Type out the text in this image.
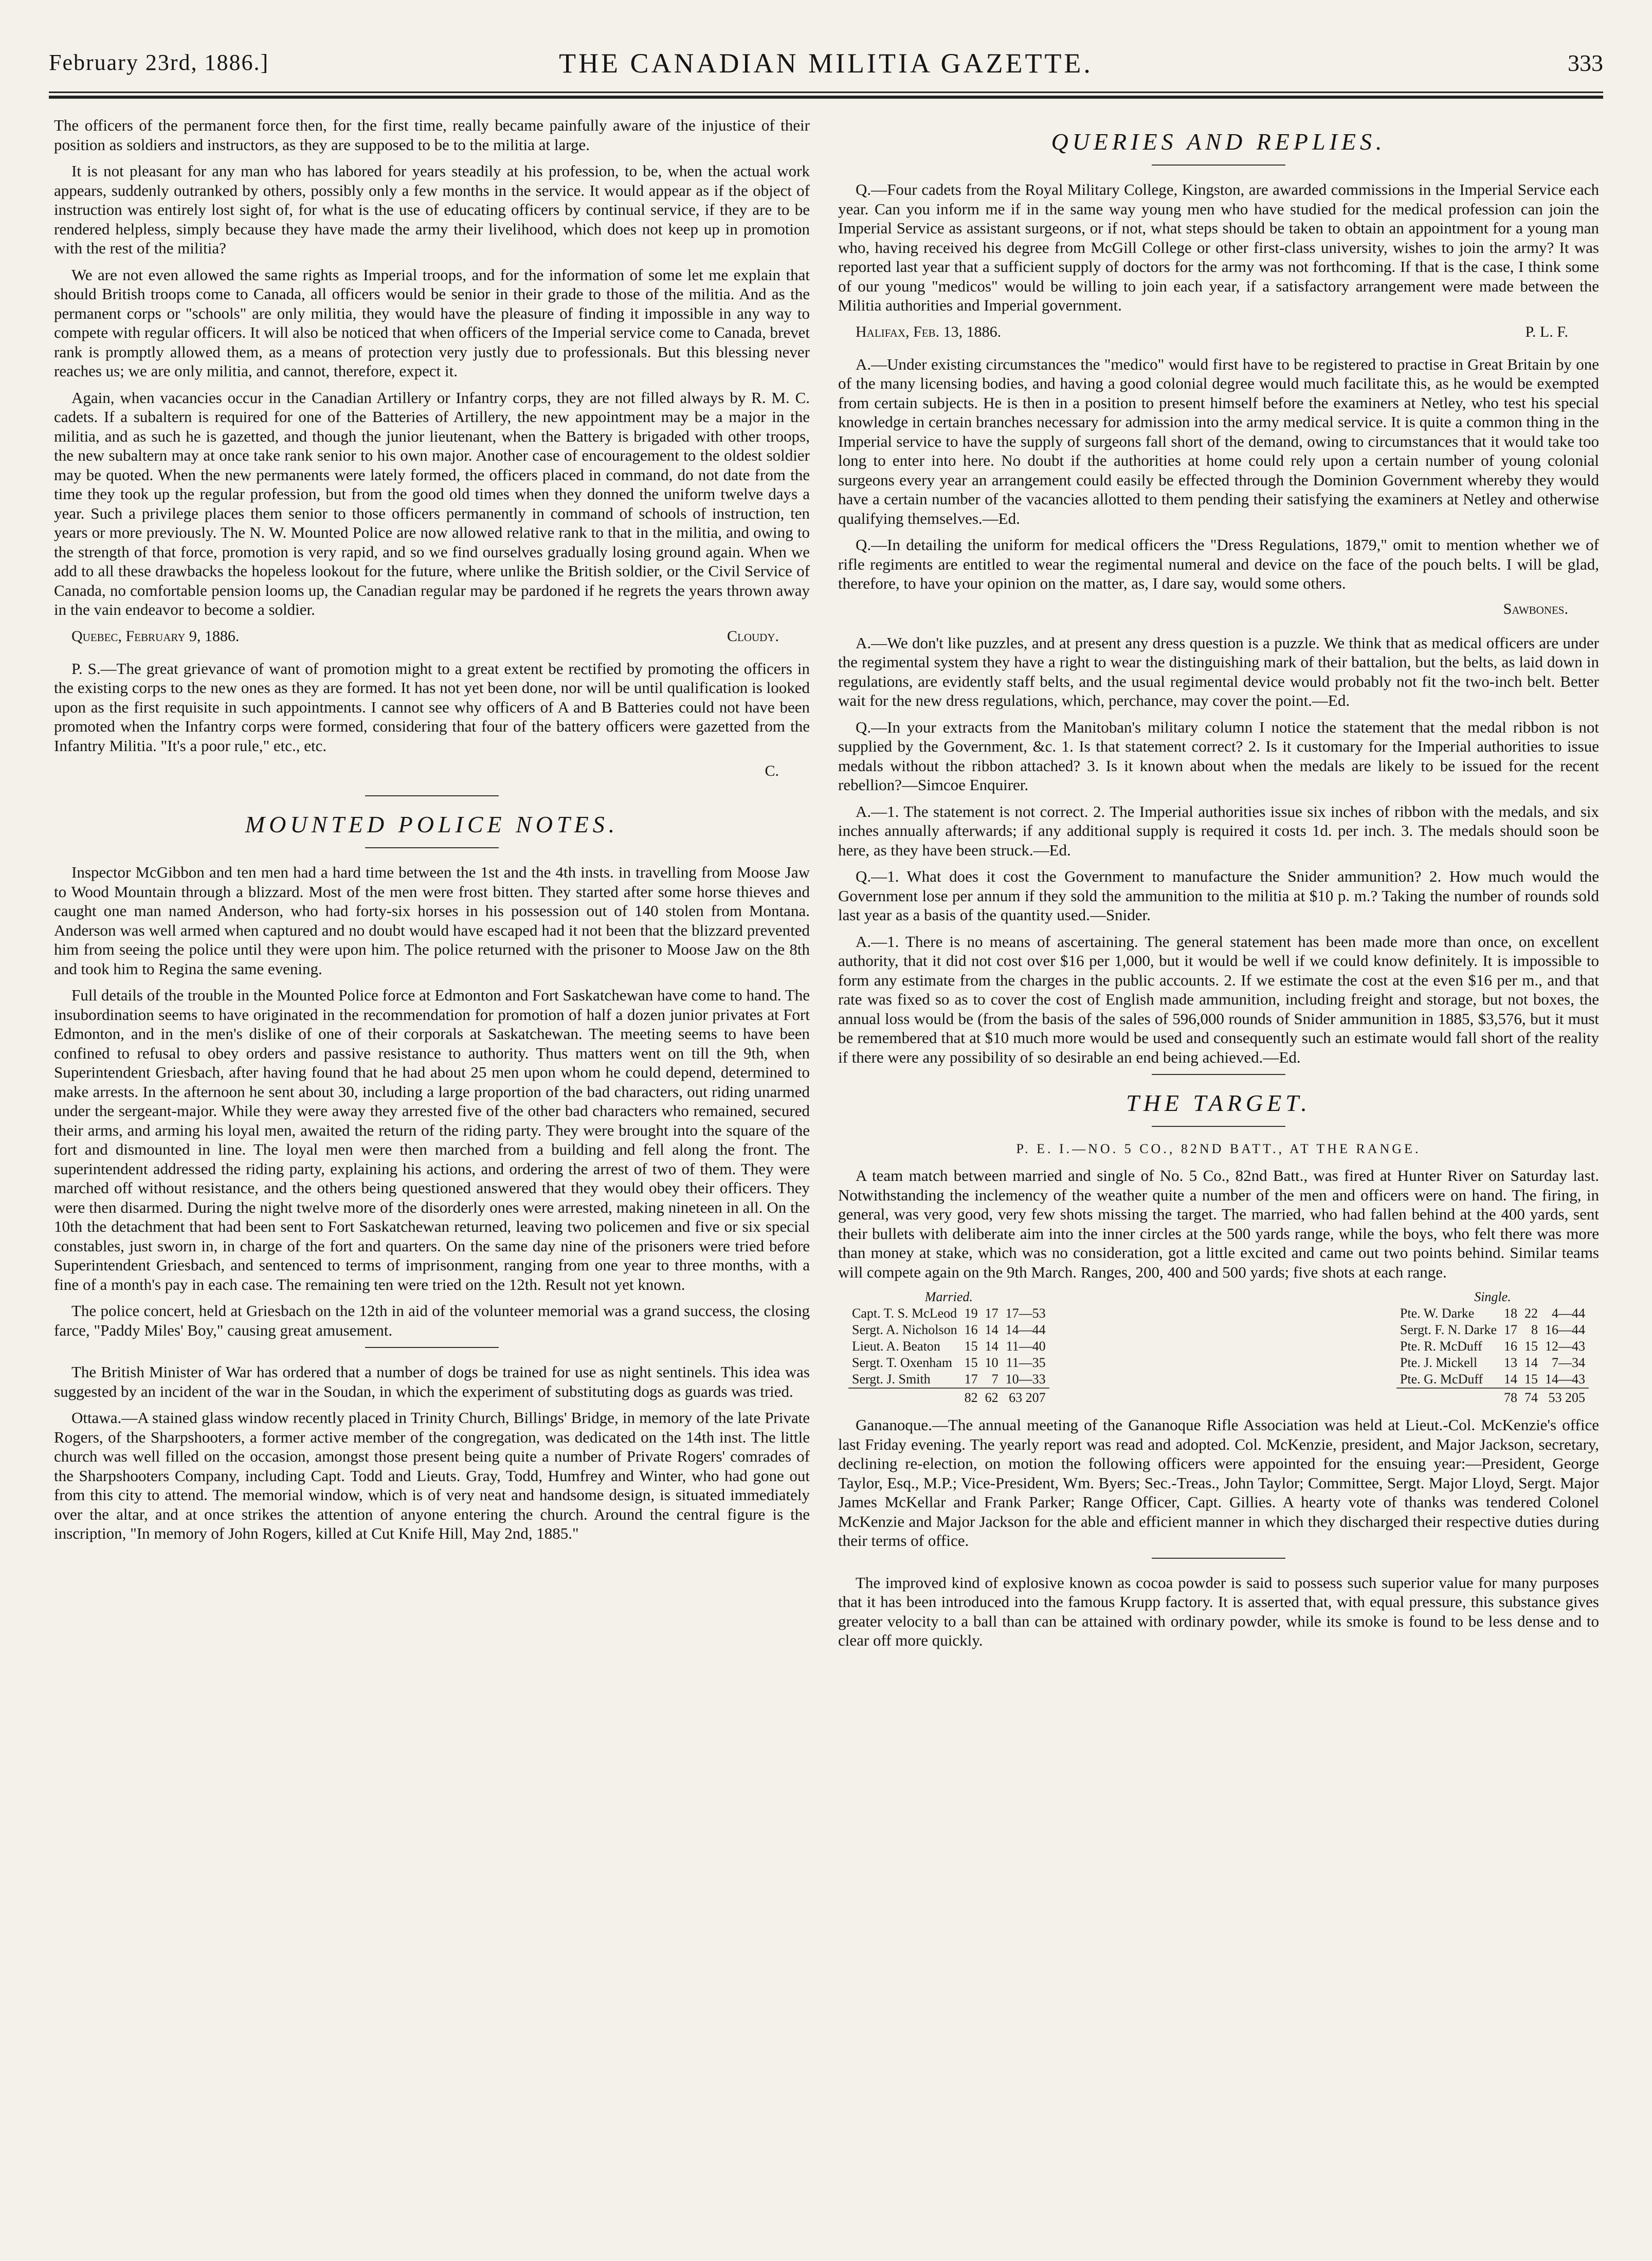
February 23rd, 1886.]	THE CANADIAN MILITIA GAZETTE.	333

The officers of the permanent force then, for the first time, really became painfully aware of the injustice of their position as soldiers and instructors, as they are supposed to be to the militia at large.

It is not pleasant for any man who has labored for years steadily at his profession, to be, when the actual work appears, suddenly outranked by others, possibly only a few months in the service. It would appear as if the object of instruction was entirely lost sight of, for what is the use of educating officers by continual service, if they are to be rendered helpless, simply because they have made the army their livelihood, which does not keep up in promotion with the rest of the militia?

We are not even allowed the same rights as Imperial troops, and for the information of some let me explain that should British troops come to Canada, all officers would be senior in their grade to those of the militia. And as the permanent corps or "schools" are only militia, they would have the pleasure of finding it impossible in any way to compete with regular officers. It will also be noticed that when officers of the Imperial service come to Canada, brevet rank is promptly allowed them, as a means of protection very justly due to professionals. But this blessing never reaches us; we are only militia, and cannot, therefore, expect it.

Again, when vacancies occur in the Canadian Artillery or Infantry corps, they are not filled always by R. M. C. cadets. If a subaltern is required for one of the Batteries of Artillery, the new appointment may be a major in the militia, and as such he is gazetted, and though the junior lieutenant, when the Battery is brigaded with other troops, the new subaltern may at once take rank senior to his own major. Another case of encouragement to the oldest soldier may be quoted. When the new permanents were lately formed, the officers placed in command, do not date from the time they took up the regular profession, but from the good old times when they donned the uniform twelve days a year. Such a privilege places them senior to those officers permanently in command of schools of instruction, ten years or more previously. The N. W. Mounted Police are now allowed relative rank to that in the militia, and owing to the strength of that force, promotion is very rapid, and so we find ourselves gradually losing ground again. When we add to all these drawbacks the hopeless lookout for the future, where unlike the British soldier, or the Civil Service of Canada, no comfortable pension looms up, the Canadian regular may be pardoned if he regrets the years thrown away in the vain endeavor to become a soldier.

Quebec, February 9, 1886.	Cloudy.

P. S.—The great grievance of want of promotion might to a great extent be rectified by promoting the officers in the existing corps to the new ones as they are formed. It has not yet been done, nor will be until qualification is looked upon as the first requisite in such appointments. I cannot see why officers of A and B Batteries could not have been promoted when the Infantry corps were formed, considering that four of the battery officers were gazetted from the Infantry Militia. "It's a poor rule," etc., etc.

C.
MOUNTED POLICE NOTES.

Inspector McGibbon and ten men had a hard time between the 1st and the 4th insts. in travelling from Moose Jaw to Wood Mountain through a blizzard. Most of the men were frost bitten. They started after some horse thieves and caught one man named Anderson, who had forty-six horses in his possession out of 140 stolen from Montana. Anderson was well armed when captured and no doubt would have escaped had it not been that the blizzard prevented him from seeing the police until they were upon him. The police returned with the prisoner to Moose Jaw on the 8th and took him to Regina the same evening.

Full details of the trouble in the Mounted Police force at Edmonton and Fort Saskatchewan have come to hand. The insubordination seems to have originated in the recommendation for promotion of half a dozen junior privates at Fort Edmonton, and in the men's dislike of one of their corporals at Saskatchewan. The meeting seems to have been confined to refusal to obey orders and passive resistance to authority. Thus matters went on till the 9th, when Superintendent Griesbach, after having found that he had about 25 men upon whom he could depend, determined to make arrests. In the afternoon he sent about 30, including a large proportion of the bad characters, out riding unarmed under the sergeant-major. While they were away they arrested five of the other bad characters who remained, secured their arms, and arming his loyal men, awaited the return of the riding party. They were brought into the square of the fort and dismounted in line. The loyal men were then marched from a building and fell along the front. The superintendent addressed the riding party, explaining his actions, and ordering the arrest of two of them. They were marched off without resistance, and the others being questioned answered that they would obey their officers. They were then disarmed. During the night twelve more of the disorderly ones were arrested, making nineteen in all. On the 10th the detachment that had been sent to Fort Saskatchewan returned, leaving two policemen and five or six special constables, just sworn in, in charge of the fort and quarters. On the same day nine of the prisoners were tried before Superintendent Griesbach, and sentenced to terms of imprisonment, ranging from one year to three months, with a fine of a month's pay in each case. The remaining ten were tried on the 12th. Result not yet known.

The police concert, held at Griesbach on the 12th in aid of the volunteer memorial was a grand success, the closing farce, "Paddy Miles' Boy," causing great amusement.

The British Minister of War has ordered that a number of dogs be trained for use as night sentinels. This idea was suggested by an incident of the war in the Soudan, in which the experiment of substituting dogs as guards was tried.

Ottawa.—A stained glass window recently placed in Trinity Church, Billings' Bridge, in memory of the late Private Rogers, of the Sharpshooters, a former active member of the congregation, was dedicated on the 14th inst. The little church was well filled on the occasion, amongst those present being quite a number of Private Rogers' comrades of the Sharpshooters Company, including Capt. Todd and Lieuts. Gray, Todd, Humfrey and Winter, who had gone out from this city to attend. The memorial window, which is of very neat and handsome design, is situated immediately over the altar, and at once strikes the attention of anyone entering the church. Around the central figure is the inscription, "In memory of John Rogers, killed at Cut Knife Hill, May 2nd, 1885."

QUERIES AND REPLIES.

Q.—Four cadets from the Royal Military College, Kingston, are awarded commissions in the Imperial Service each year. Can you inform me if in the same way young men who have studied for the medical profession can join the Imperial Service as assistant surgeons, or if not, what steps should be taken to obtain an appointment for a young man who, having received his degree from McGill College or other first-class university, wishes to join the army? It was reported last year that a sufficient supply of doctors for the army was not forthcoming. If that is the case, I think some of our young "medicos" would be willing to join each year, if a satisfactory arrangement were made between the Militia authorities and Imperial government.

Halifax, Feb. 13, 1886.	P. L. F.

A.—Under existing circumstances the "medico" would first have to be registered to practise in Great Britain by one of the many licensing bodies, and having a good colonial degree would much facilitate this, as he would be exempted from certain subjects. He is then in a position to present himself before the examiners at Netley, who test his special knowledge in certain branches necessary for admission into the army medical service. It is quite a common thing in the Imperial service to have the supply of surgeons fall short of the demand, owing to circumstances that it would take too long to enter into here. No doubt if the authorities at home could rely upon a certain number of young colonial surgeons every year an arrangement could easily be effected through the Dominion Government whereby they would have a certain number of the vacancies allotted to them pending their satisfying the examiners at Netley and otherwise qualifying themselves.—Ed.

Q.—In detailing the uniform for medical officers the "Dress Regulations, 1879," omit to mention whether we of rifle regiments are entitled to wear the regimental numeral and device on the face of the pouch belts. I will be glad, therefore, to have your opinion on the matter, as, I dare say, would some others.

Sawbones.

A.—We don't like puzzles, and at present any dress question is a puzzle. We think that as medical officers are under the regimental system they have a right to wear the distinguishing mark of their battalion, but the belts, as laid down in regulations, are evidently staff belts, and the usual regimental device would probably not fit the two-inch belt. Better wait for the new dress regulations, which, perchance, may cover the point.—Ed.

Q.—In your extracts from the Manitoban's military column I notice the statement that the medal ribbon is not supplied by the Government, &c. 1. Is that statement correct? 2. Is it customary for the Imperial authorities to issue medals without the ribbon attached? 3. Is it known about when the medals are likely to be issued for the recent rebellion?—Simcoe Enquirer.

A.—1. The statement is not correct. 2. The Imperial authorities issue six inches of ribbon with the medals, and six inches annually afterwards; if any additional supply is required it costs 1d. per inch. 3. The medals should soon be here, as they have been struck.—Ed.

Q.—1. What does it cost the Government to manufacture the Snider ammunition? 2. How much would the Government lose per annum if they sold the ammunition to the militia at $10 p. m.? Taking the number of rounds sold last year as a basis of the quantity used.—Snider.

A.—1. There is no means of ascertaining. The general statement has been made more than once, on excellent authority, that it did not cost over $16 per 1,000, but it would be well if we could know definitely. It is impossible to form any estimate from the charges in the public accounts. 2. If we estimate the cost at the even $16 per m., and that rate was fixed so as to cover the cost of English made ammunition, including freight and storage, but not boxes, the annual loss would be (from the basis of the sales of 596,000 rounds of Snider ammunition in 1885, $3,576, but it must be remembered that at $10 much more would be used and consequently such an estimate would fall short of the reality if there were any possibility of so desirable an end being achieved.—Ed.

THE TARGET.
P. E. I.—NO. 5 CO., 82ND BATT., AT THE RANGE.

A team match between married and single of No. 5 Co., 82nd Batt., was fired at Hunter River on Saturday last. Notwithstanding the inclemency of the weather quite a number of the men and officers were on hand. The firing, in general, was very good, very few shots missing the target. The married, who had fallen behind at the 400 yards, sent their bullets with deliberate aim into the inner circles at the 500 yards range, while the boys, who felt there was more than money at stake, which was no consideration, got a little excited and came out two points behind. Similar teams will compete again on the 9th March. Ranges, 200, 400 and 500 yards; five shots at each range.

Married.			
Capt. T. S. McLeod	19	17	17—53
Sergt. A. Nicholson	16	14	14—44
Lieut. A. Beaton	15	14	11—40
Sergt. T. Oxenham	15	10	11—35
Sergt. J. Smith	17	7	10—33
	82	62	63 207
Single.			
Pte. W. Darke	18	22	4—44
Sergt. F. N. Darke	17	8	16—44
Pte. R. McDuff	16	15	12—43
Pte. J. Mickell	13	14	7—34
Pte. G. McDuff	14	15	14—43
	78	74	53 205

Gananoque.—The annual meeting of the Gananoque Rifle Association was held at Lieut.-Col. McKenzie's office last Friday evening. The yearly report was read and adopted. Col. McKenzie, president, and Major Jackson, secretary, declining re-election, on motion the following officers were appointed for the ensuing year:—President, George Taylor, Esq., M.P.; Vice-President, Wm. Byers; Sec.-Treas., John Taylor; Committee, Sergt. Major Lloyd, Sergt. Major James McKellar and Frank Parker; Range Officer, Capt. Gillies. A hearty vote of thanks was tendered Colonel McKenzie and Major Jackson for the able and efficient manner in which they discharged their respective duties during their terms of office.

The improved kind of explosive known as cocoa powder is said to possess such superior value for many purposes that it has been introduced into the famous Krupp factory. It is asserted that, with equal pressure, this substance gives greater velocity to a ball than can be attained with ordinary powder, while its smoke is found to be less dense and to clear off more quickly.
